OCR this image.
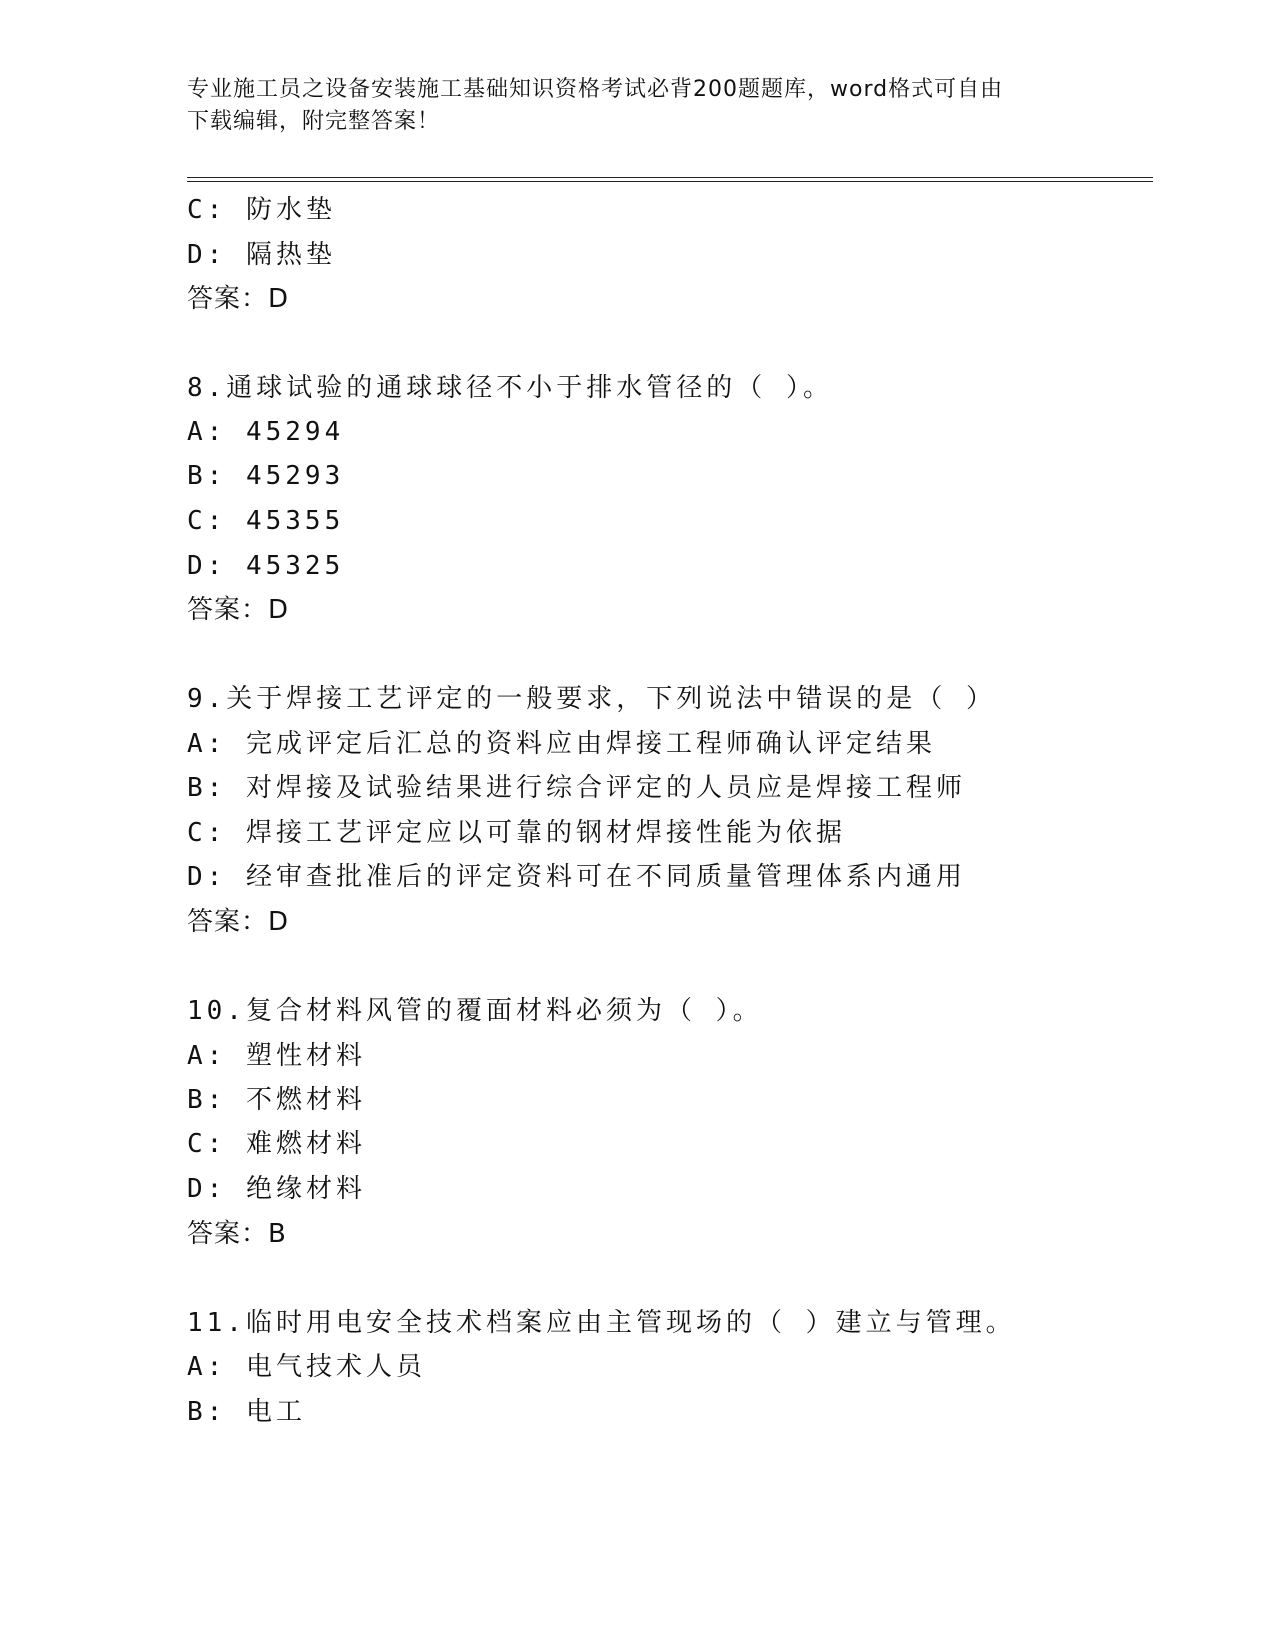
专业施工员之设备安装施工基础知识资格考试必背200题题库，word格式可自由
下载编辑，附完整答案！
C: 防水垫
D: 隔热垫
答案：D
8.通球试验的通球球径不小于排水管径的（ ）。
A: 45294
B: 45293
C: 45355
D: 45325
答案：D
9.关于焊接工艺评定的一般要求，下列说法中错误的是（ ）
A: 完成评定后汇总的资料应由焊接工程师确认评定结果
B: 对焊接及试验结果进行综合评定的人员应是焊接工程师
C: 焊接工艺评定应以可靠的钢材焊接性能为依据
D: 经审查批准后的评定资料可在不同质量管理体系内通用
答案：D
10.复合材料风管的覆面材料必须为（ ）。
A: 塑性材料
B: 不燃材料
C: 难燃材料
D: 绝缘材料
答案：B
11.临时用电安全技术档案应由主管现场的（ ）建立与管理。
A: 电气技术人员
B: 电工
